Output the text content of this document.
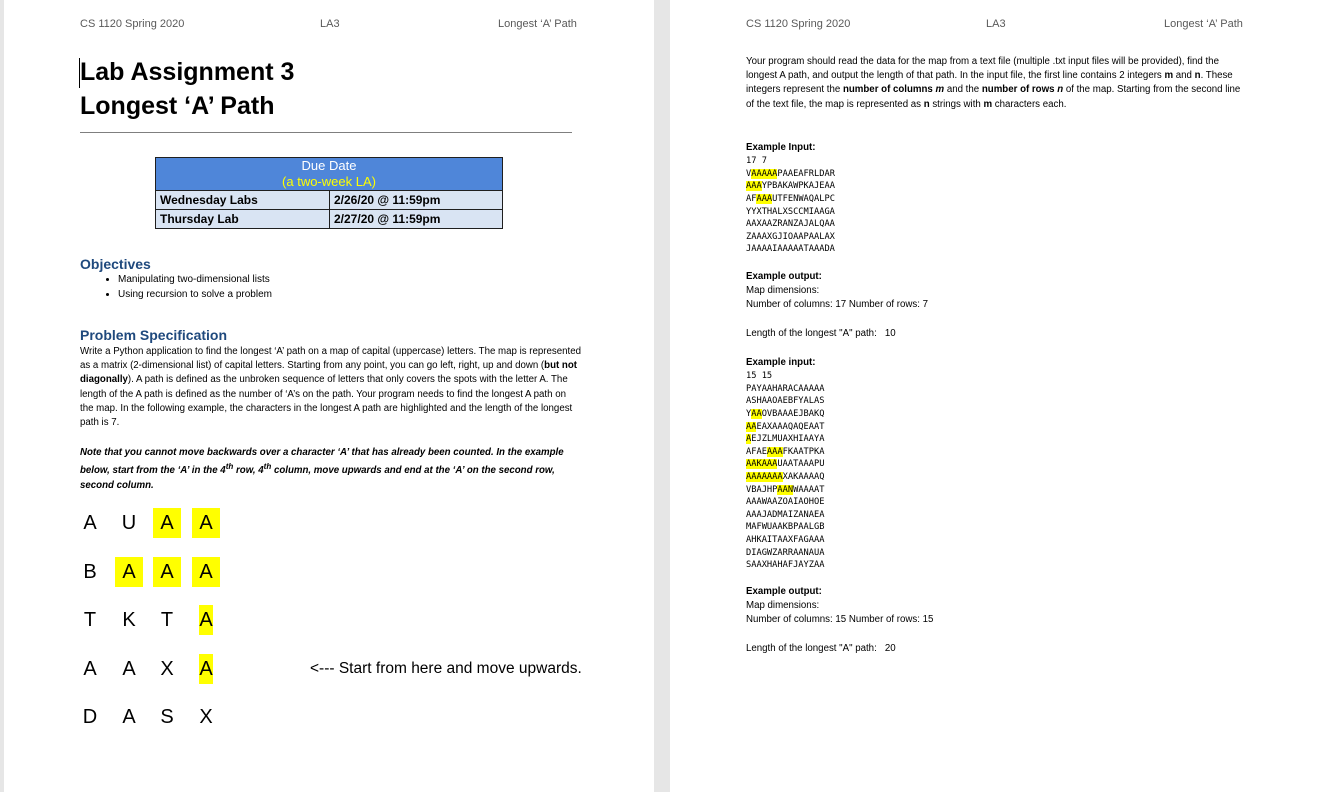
CS 1120 Spring 2020	LA3	Longest ‘A’ Path
Lab Assignment 3
Longest ‘A’ Path
Due Date
(a two-week LA)	

Wednesday Labs	2/26/20 @ 11:59pm
Thursday Lab	2/27/20 @ 11:59pm
Objectives
• Manipulating two-dimensional lists
• Using recursion to solve a problem
Problem Specification
Write a Python application to find the longest ‘A’ path on a map of capital (uppercase) letters. The map is represented as a matrix (2-dimensional list) of capital letters. Starting from any point, you can go left, right, up and down (but not diagonally). A path is defined as the unbroken sequence of letters that only covers the spots with the letter A. The length of the A path is defined as the number of ‘A’s on the path. Your program needs to find the longest A path on the map. In the following example, the characters in the longest A path are highlighted and the length of the longest path is 7.
Note that you cannot move backwards over a character ‘A’ that has already been counted. In the example below, start from the ‘A’ in the 4th row, 4th column, move upwards and end at the ‘A’ on the second row, second column.
A	U	A	A
B	A	A	A
T	K	T	A
A	A	X	A	<--- Start from here and move upwards.
D	A	S	X
CS 1120 Spring 2020	LA3	Longest ‘A’ Path
Your program should read the data for the map from a text file (multiple .txt input files will be provided), find the longest A path, and output the length of that path. In the input file, the first line contains 2 integers m and n. These integers represent the number of columns m and the number of rows n of the map. Starting from the second line of the text file, the map is represented as n strings with m characters each.
Example Input:
17 7
VAAAAAPAAEAFRLDAR
AAAYPBAKAWPKAJEAA
AFAAAUTFENWAQALPC
YYXTHALXSCCMIAAGA
AAXAAZRANZAJALQAA
ZAAAXGJIOAAPAALAX
JAAAAIAAAAATAAADA
Example output:
Map dimensions:
Number of columns: 17 Number of rows: 7
Length of the longest "A" path:   10
Example input:
15 15
PAYAAHARACAAAAA
ASHAAOAEBFYALAS
YAAOVBAAAEJBAKQ
AAEAXAAAQAQEAAT
AEJZLMUAXHIAAYA
AFAEAAAFKAATPKA
AAKAAAUAATAAAPU
AAAAAAAXAKAAAAQ
VBAJHPAANWAAAAT
AAAWAAZOAIAOHOE
AAAJADMAIZANAEA
MAFWUAAKBPAALGB
AHKAITAAXFAGAAA
DIAGWZARRAANAUA
SAAXHAHAFJAYZAA
Example output:
Map dimensions:
Number of columns: 15 Number of rows: 15
Length of the longest "A" path:   20
